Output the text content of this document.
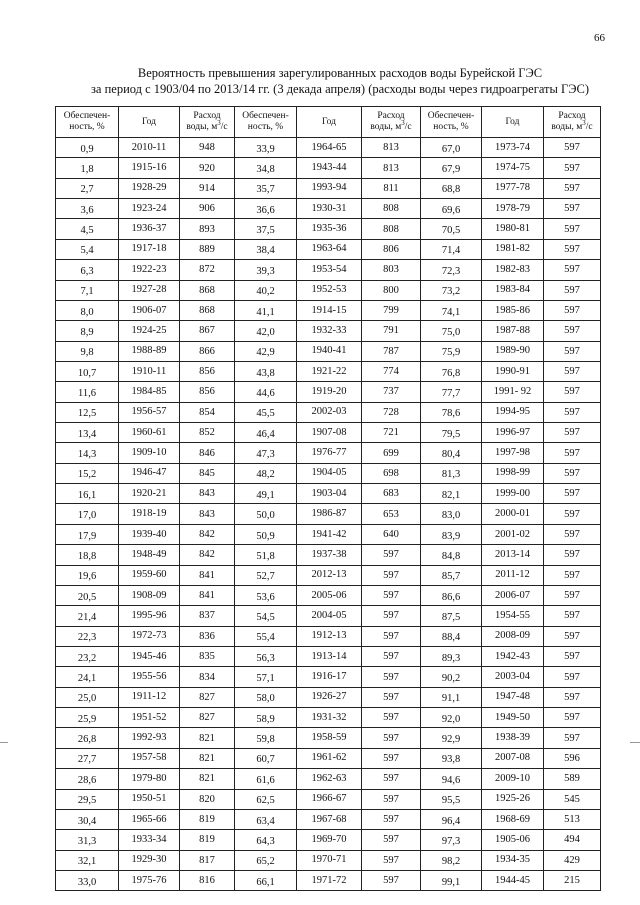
66
Вероятность превышения зарегулированных расходов воды Бурейской ГЭС
за период с 1903/04 по 2013/14 гг. (3 декада апреля) (расходы воды через гидроагрегаты ГЭС)
Обеспечен-
ность, %	Год	Расход
воды, $м^3/с$	Обеспечен-
ность, %	Год	Расход
воды, $м^3/с$	Обеспечен-
ность, %	Год	Расход
воды, $м^3/с$
0,9	2010-11	948	33,9	1964-65	813	67,0	1973-74	597
1,8	1915-16	920	34,8	1943-44	813	67,9	1974-75	597
2,7	1928-29	914	35,7	1993-94	811	68,8	1977-78	597
3,6	1923-24	906	36,6	1930-31	808	69,6	1978-79	597
4,5	1936-37	893	37,5	1935-36	808	70,5	1980-81	597
5,4	1917-18	889	38,4	1963-64	806	71,4	1981-82	597
6,3	1922-23	872	39,3	1953-54	803	72,3	1982-83	597
7,1	1927-28	868	40,2	1952-53	800	73,2	1983-84	597
8,0	1906-07	868	41,1	1914-15	799	74,1	1985-86	597
8,9	1924-25	867	42,0	1932-33	791	75,0	1987-88	597
9,8	1988-89	866	42,9	1940-41	787	75,9	1989-90	597
10,7	1910-11	856	43,8	1921-22	774	76,8	1990-91	597
11,6	1984-85	856	44,6	1919-20	737	77,7	1991- 92	597
12,5	1956-57	854	45,5	2002-03	728	78,6	1994-95	597
13,4	1960-61	852	46,4	1907-08	721	79,5	1996-97	597
14,3	1909-10	846	47,3	1976-77	699	80,4	1997-98	597
15,2	1946-47	845	48,2	1904-05	698	81,3	1998-99	597
16,1	1920-21	843	49,1	1903-04	683	82,1	1999-00	597
17,0	1918-19	843	50,0	1986-87	653	83,0	2000-01	597
17,9	1939-40	842	50,9	1941-42	640	83,9	2001-02	597
18,8	1948-49	842	51,8	1937-38	597	84,8	2013-14	597
19,6	1959-60	841	52,7	2012-13	597	85,7	2011-12	597
20,5	1908-09	841	53,6	2005-06	597	86,6	2006-07	597
21,4	1995-96	837	54,5	2004-05	597	87,5	1954-55	597
22,3	1972-73	836	55,4	1912-13	597	88,4	2008-09	597
23,2	1945-46	835	56,3	1913-14	597	89,3	1942-43	597
24,1	1955-56	834	57,1	1916-17	597	90,2	2003-04	597
25,0	1911-12	827	58,0	1926-27	597	91,1	1947-48	597
25,9	1951-52	827	58,9	1931-32	597	92,0	1949-50	597
26,8	1992-93	821	59,8	1958-59	597	92,9	1938-39	597
27,7	1957-58	821	60,7	1961-62	597	93,8	2007-08	596
28,6	1979-80	821	61,6	1962-63	597	94,6	2009-10	589
29,5	1950-51	820	62,5	1966-67	597	95,5	1925-26	545
30,4	1965-66	819	63,4	1967-68	597	96,4	1968-69	513
31,3	1933-34	819	64,3	1969-70	597	97,3	1905-06	494
32,1	1929-30	817	65,2	1970-71	597	98,2	1934-35	429
33,0	1975-76	816	66,1	1971-72	597	99,1	1944-45	215
